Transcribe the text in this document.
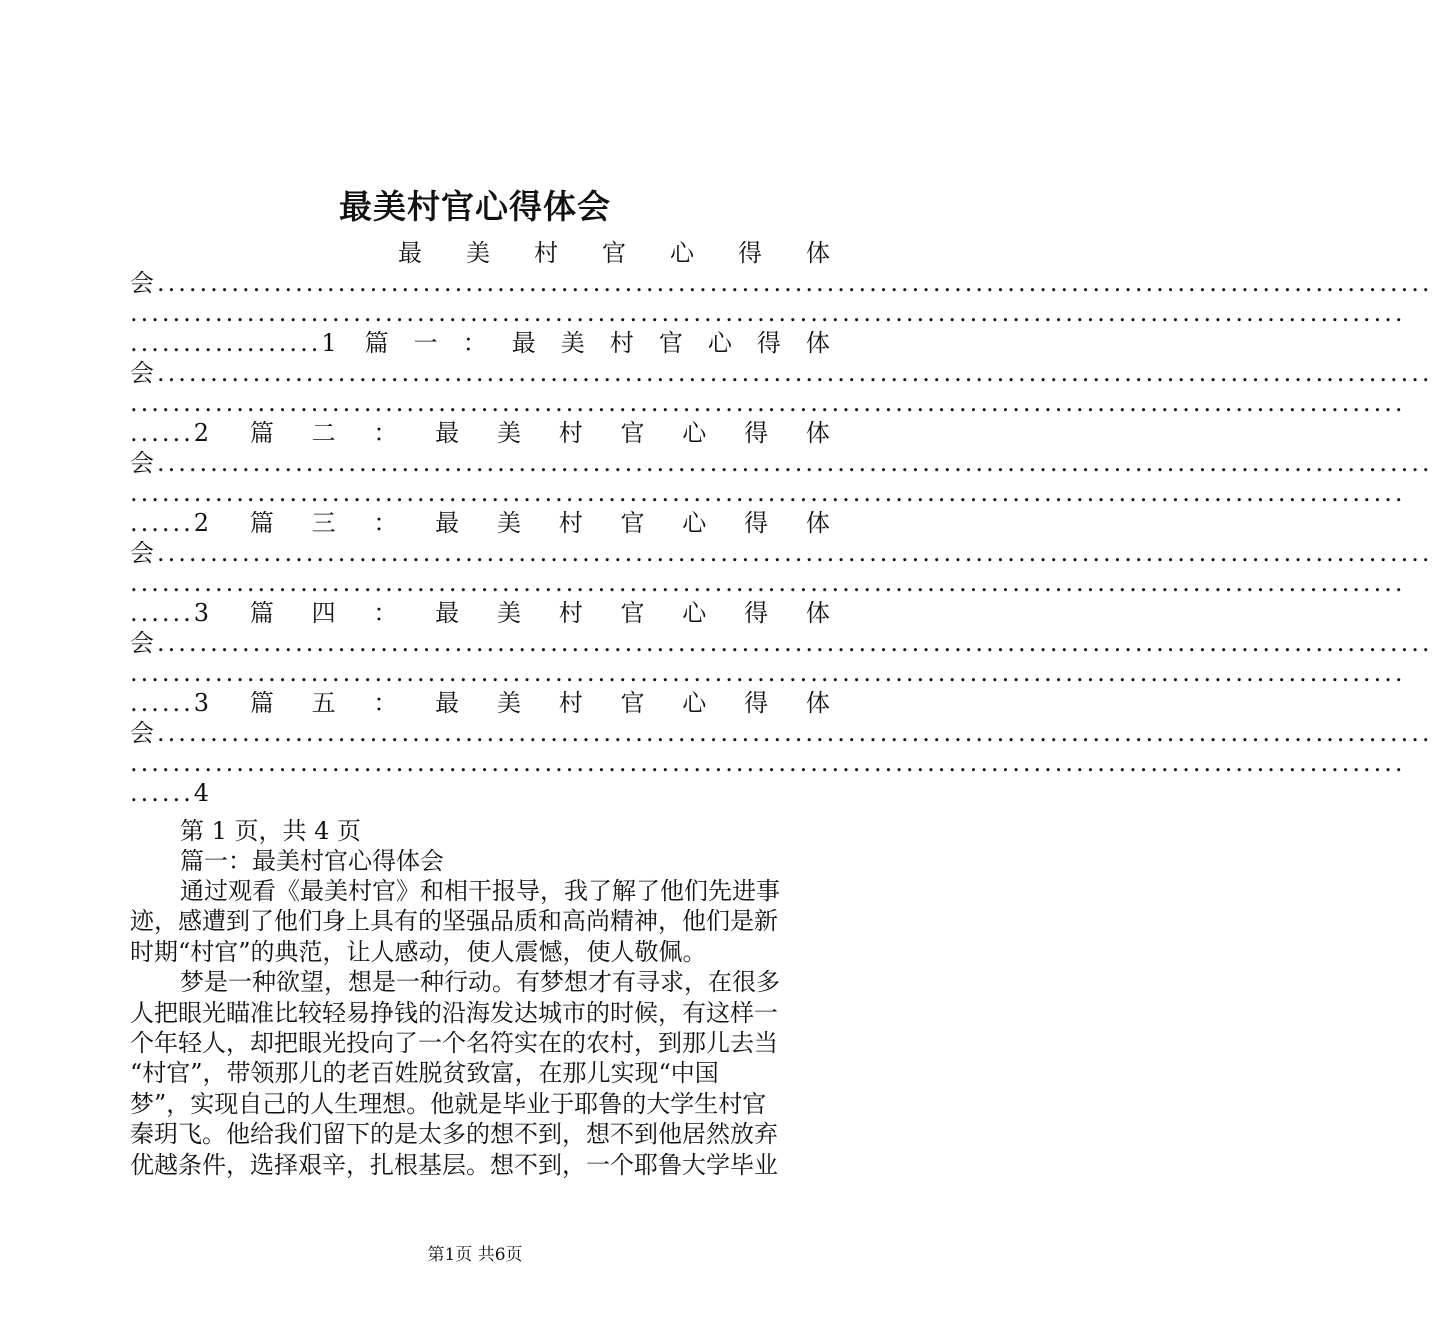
最美村官心得体会
最 美 村 官 心 得 体
会........................................................................................................................
........................................................................................................................
..................1 篇 一 ： 最 美 村 官 心 得 体
会........................................................................................................................
........................................................................................................................
......2 篇 二 ： 最 美 村 官 心 得 体
会........................................................................................................................
........................................................................................................................
......2 篇 三 ： 最 美 村 官 心 得 体
会........................................................................................................................
........................................................................................................................
......3 篇 四 ： 最 美 村 官 心 得 体
会........................................................................................................................
........................................................................................................................
......3 篇 五 ： 最 美 村 官 心 得 体
会........................................................................................................................
........................................................................................................................
......4
第 1 页，共 4 页
篇一：最美村官心得体会
通过观看《最美村官》和相干报导，我了解了他们先进事
迹，感遭到了他们身上具有的坚强品质和高尚精神，他们是新
时期“村官”的典范，让人感动，使人震憾，使人敬佩。
梦是一种欲望，想是一种行动。有梦想才有寻求，在很多
人把眼光瞄准比较轻易挣钱的沿海发达城市的时候，有这样一
个年轻人，却把眼光投向了一个名符实在的农村，到那儿去当
“村官”，带领那儿的老百姓脱贫致富，在那儿实现“中国
梦”，实现自己的人生理想。他就是毕业于耶鲁的大学生村官
秦玥飞。他给我们留下的是太多的想不到，想不到他居然放弃
优越条件，选择艰辛，扎根基层。想不到，一个耶鲁大学毕业
第1页 共6页
